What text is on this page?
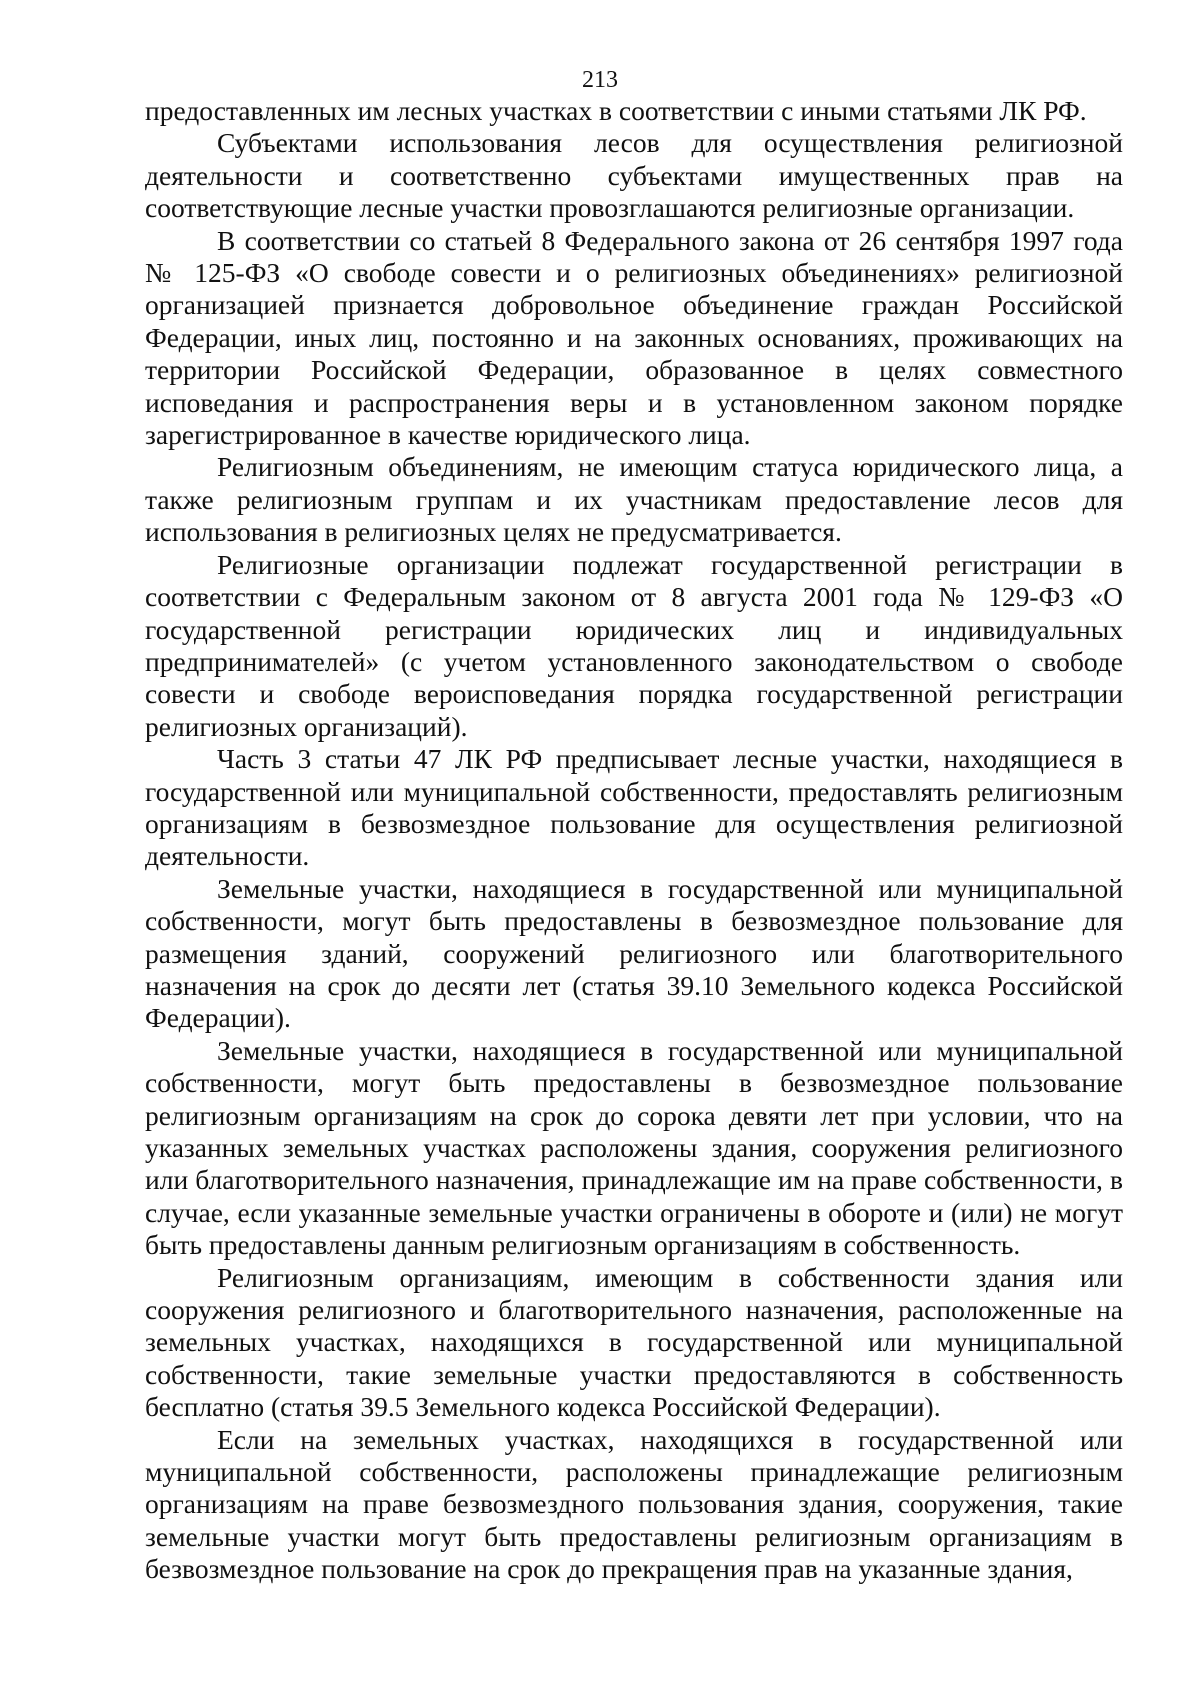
213

предоставленных им лесных участках в соответствии с иными статьями ЛК РФ.

Субъектами использования лесов для осуществления религиозной деятельности и соответственно субъектами имущественных прав на соответствующие лесные участки провозглашаются религиозные организации.

В соответствии со статьей 8 Федерального закона от 26 сентября 1997 года № 125-ФЗ «О свободе совести и о религиозных объединениях» религиозной организацией признается добровольное объединение граждан Российской Федерации, иных лиц, постоянно и на законных основаниях, проживающих на территории Российской Федерации, образованное в целях совместного исповедания и распространения веры и в установленном законом порядке зарегистрированное в качестве юридического лица.

Религиозным объединениям, не имеющим статуса юридического лица, а также религиозным группам и их участникам предоставление лесов для использования в религиозных целях не предусматривается.

Религиозные организации подлежат государственной регистрации в соответствии с Федеральным законом от 8 августа 2001 года № 129-ФЗ «О государственной регистрации юридических лиц и индивидуальных предпринимателей» (с учетом установленного законодательством о свободе совести и свободе вероисповедания порядка государственной регистрации религиозных организаций).

Часть 3 статьи 47 ЛК РФ предписывает лесные участки, находящиеся в государственной или муниципальной собственности, предоставлять религиозным организациям в безвозмездное пользование для осуществления религиозной деятельности.

Земельные участки, находящиеся в государственной или муниципальной собственности, могут быть предоставлены в безвозмездное пользование для размещения зданий, сооружений религиозного или благотворительного назначения на срок до десяти лет (статья 39.10 Земельного кодекса Российской Федерации).

Земельные участки, находящиеся в государственной или муниципальной собственности, могут быть предоставлены в безвозмездное пользование религиозным организациям на срок до сорока девяти лет при условии, что на указанных земельных участках расположены здания, сооружения религиозного или благотворительного назначения, принадлежащие им на праве собственности, в случае, если указанные земельные участки ограничены в обороте и (или) не могут быть предоставлены данным религиозным организациям в собственность.

Религиозным организациям, имеющим в собственности здания или сооружения религиозного и благотворительного назначения, расположенные на земельных участках, находящихся в государственной или муниципальной собственности, такие земельные участки предоставляются в собственность бесплатно (статья 39.5 Земельного кодекса Российской Федерации).

Если на земельных участках, находящихся в государственной или муниципальной собственности, расположены принадлежащие религиозным организациям на праве безвозмездного пользования здания, сооружения, такие земельные участки могут быть предоставлены религиозным организациям в безвозмездное пользование на срок до прекращения прав на указанные здания,
